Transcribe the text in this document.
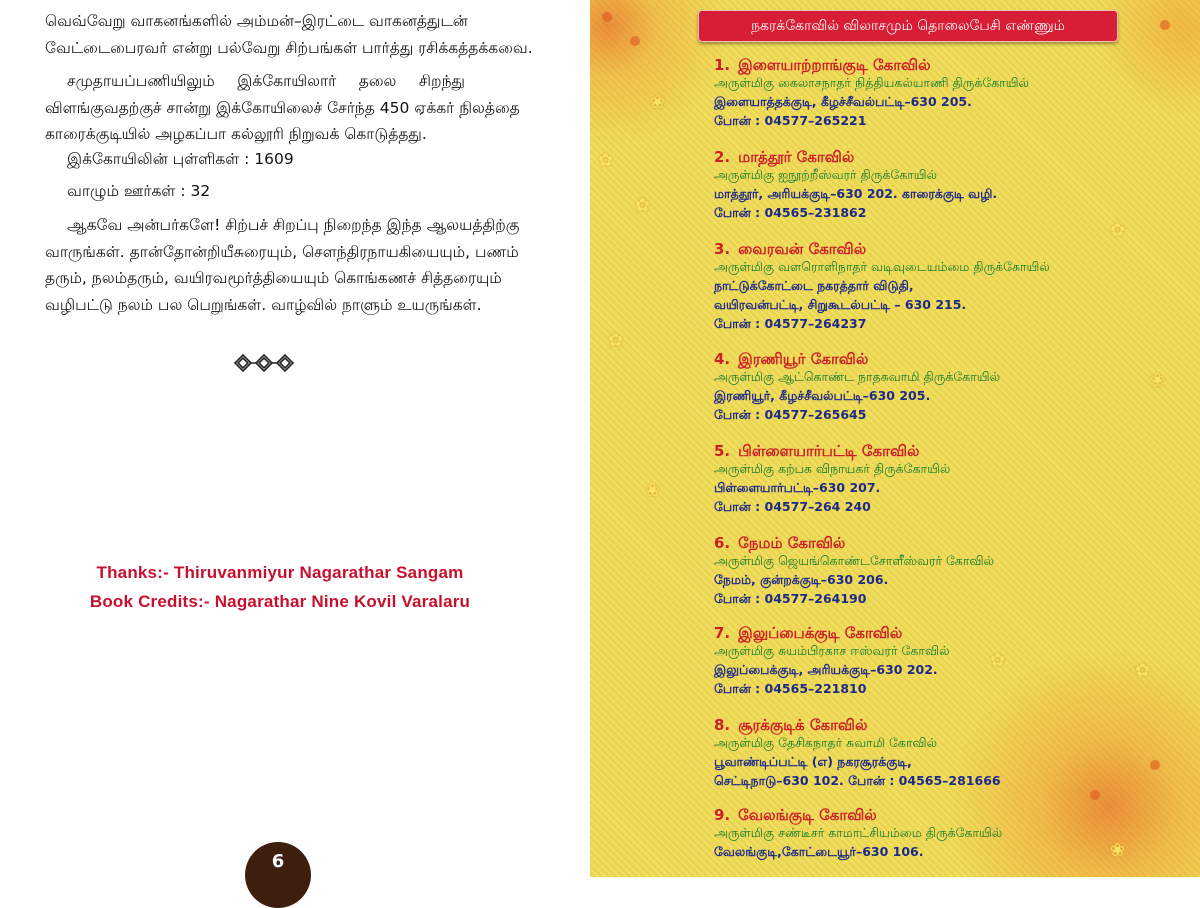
வெவ்வேறு வாகனங்களில் அம்மன்–இரட்டை வாகனத்துடன்
வேட்டைபைரவர் என்று பல்வேறு சிற்பங்கள் பார்த்து ரசிக்கத்தக்கவை.

சமுதாயப்பணியிலும் இக்கோயிலார் தலை சிறந்து
விளங்குவதற்குச் சான்று இக்கோயிலைச் சேர்ந்த 450 ஏக்கர் நிலத்தை
காரைக்குடியில் அழகப்பா கல்லூரி நிறுவக் கொடுத்தது.

இக்கோயிலின் புள்ளிகள் : 1609
வாழும் ஊர்கள் : 32

ஆகவே அன்பர்களே! சிற்பச் சிறப்பு நிறைந்த இந்த ஆலயத்திற்கு
வாருங்கள். தான்தோன்றியீசுரையும், சௌந்திரநாயகியையும், பணம்
தரும், நலம்தரும், வயிரவமூர்த்தியையும் கொங்கணச் சித்தரையும்
வழிபட்டு நலம் பல பெறுங்கள். வாழ்வில் நாளும் உயருங்கள்.

Thanks:- Thiruvanmiyur Nagarathar Sangam
Book Credits:- Nagarathar Nine Kovil Varalaru
6
✿
✿
❀
✿
❀
✿
❀
✿
✿
❀
நகரக்கோவில் விலாசமும் தொலைபேசி எண்ணும்
1. இளையாற்றாங்குடி கோவில்
அருள்மிகு கைலாசநாதர் நித்தியகல்யாணி திருக்கோயில்
இளையாத்தக்குடி, கீழச்சீவல்பட்டி–630 205.
போன் : 04577–265221
2. மாத்தூர் கோவில்
அருள்மிகு ஐநூற்றீஸ்வரர் திருக்கோயில்
மாத்தூர், அரியக்குடி–630 202. காரைக்குடி வழி.
போன் : 04565–231862
3. வைரவன் கோவில்
அருள்மிகு வளரொளிநாதர் வடிவுடையம்மை திருக்கோயில்
நாட்டுக்கோட்டை நகரத்தார் விடுதி,
வயிரவன்பட்டி, சிறுகூடல்பட்டி – 630 215.
போன் : 04577–264237
4. இரணியூர் கோவில்
அருள்மிகு ஆட்கொண்ட நாதசுவாமி திருக்கோயில்
இரணியூர், கீழச்சீவல்பட்டி–630 205.
போன் : 04577–265645
5. பிள்ளையார்பட்டி கோவில்
அருள்மிகு கற்பக விநாயகர் திருக்கோயில்
பிள்ளையார்பட்டி–630 207.
போன் : 04577–264 240
6. நேமம் கோவில்
அருள்மிகு ஜெயங்கொண்டசோளீஸ்வரர் கோவில்
நேமம், குன்றக்குடி–630 206.
போன் : 04577–264190
7. இலுப்பைக்குடி கோவில்
அருள்மிகு சுயம்பிரகாச ஈஸ்வரர் கோவில்
இலுப்பைக்குடி, அரியக்குடி–630 202.
போன் : 04565–221810
8. சூரக்குடிக் கோவில்
அருள்மிகு தேசிகநாதர் சுவாமி கோவில்
பூவாண்டிப்பட்டி (எ) நகரசூரக்குடி,
செட்டிநாடு–630 102. போன் : 04565–281666
9. வேலங்குடி கோவில்
அருள்மிகு சண்டீசர் காமாட்சியம்மை திருக்கோயில்
வேலங்குடி,கோட்டையூர்–630 106.
